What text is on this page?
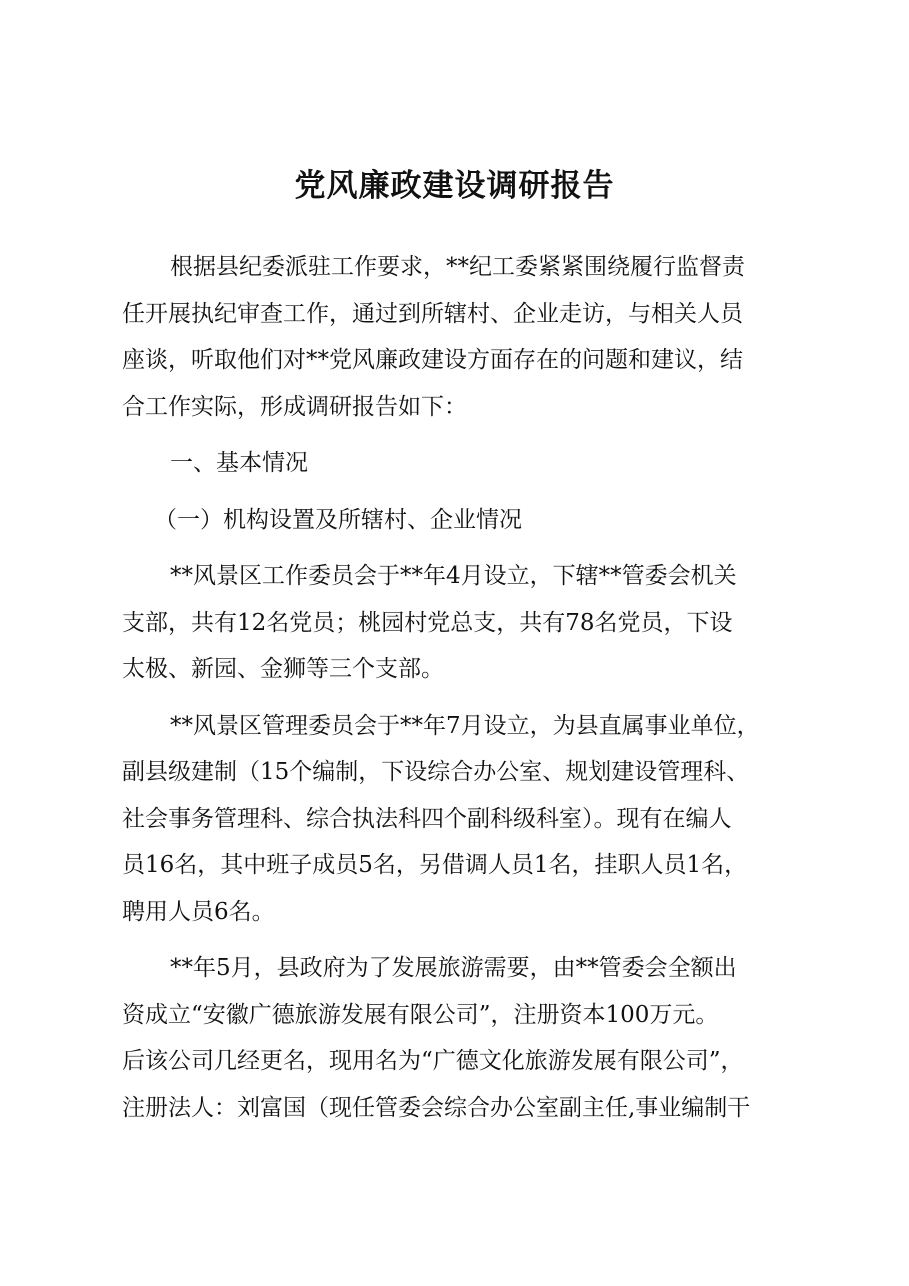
党风廉政建设调研报告
根据县纪委派驻工作要求，**纪工委紧紧围绕履行监督责
任开展执纪审查工作，通过到所辖村、企业走访，与相关人员
座谈，听取他们对**党风廉政建设方面存在的问题和建议，结
合工作实际，形成调研报告如下：
一、基本情况
（一）机构设置及所辖村、企业情况
**风景区工作委员会于**年4月设立，下辖**管委会机关
支部，共有12名党员；桃园村党总支，共有78名党员，下设
太极、新园、金狮等三个支部。
**风景区管理委员会于**年7月设立，为县直属事业单位，
副县级建制（15个编制，下设综合办公室、规划建设管理科、
社会事务管理科、综合执法科四个副科级科室）。现有在编人
员16名，其中班子成员5名，另借调人员1名，挂职人员1名，
聘用人员6名。
**年5月，县政府为了发展旅游需要，由**管委会全额出
资成立“安徽广德旅游发展有限公司”，注册资本100万元。
后该公司几经更名，现用名为“广德文化旅游发展有限公司”，
注册法人：刘富国（现任管委会综合办公室副主任,事业编制干
